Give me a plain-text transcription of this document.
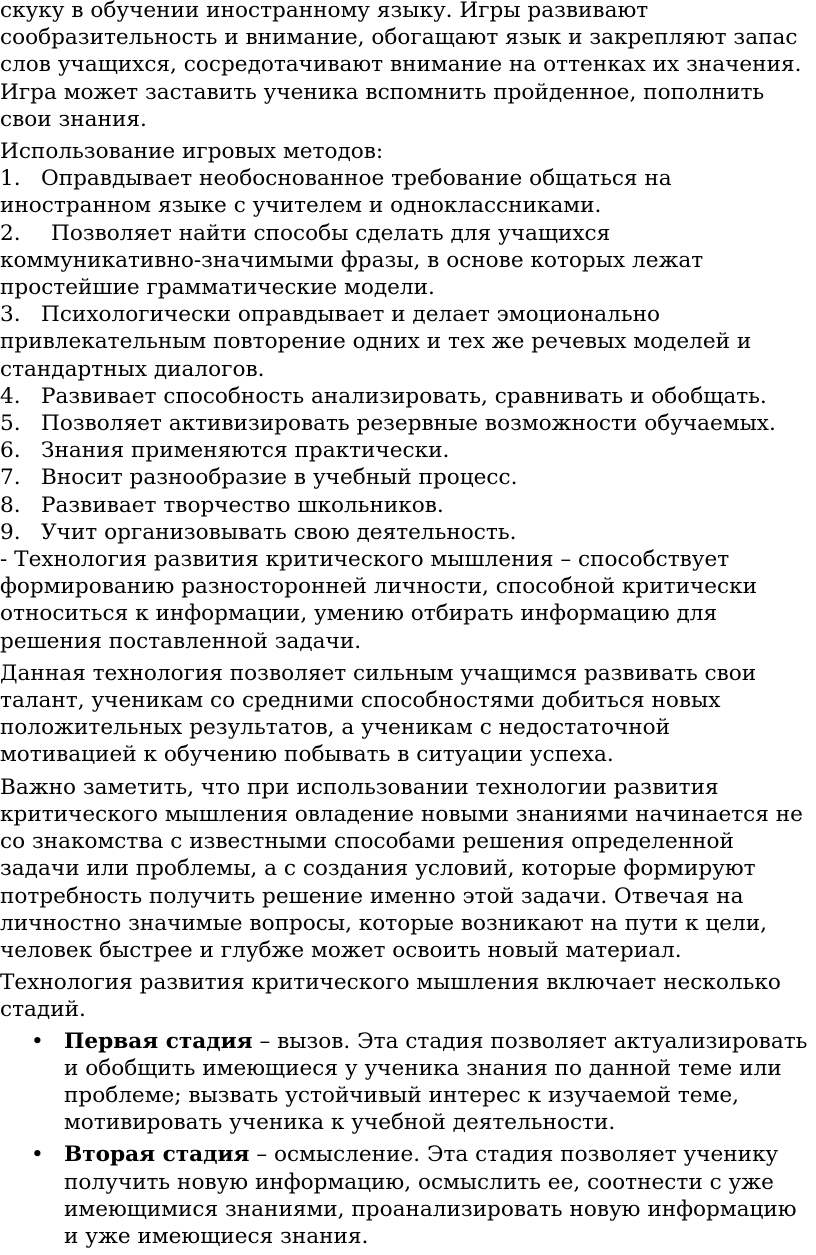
скуку в обучении иностранному языку. Игры развивают сообразительность и внимание, обогащают язык и закрепляют запас слов учащихся, сосредотачивают внимание на оттенках их значения. Игра может заставить ученика вспомнить пройденное, пополнить свои знания.

Использование игровых методов:

1. Оправдывает необоснованное требование общаться на иностранном языке с учителем и одноклассниками.

2. Позволяет найти способы сделать для учащихся коммуникативно-значимыми фразы, в основе которых лежат простейшие грамматические модели.

3. Психологически оправдывает и делает эмоционально привлекательным повторение одних и тех же речевых моделей и стандартных диалогов.

4. Развивает способность анализировать, сравнивать и обобщать.

5. Позволяет активизировать резервные возможности обучаемых.

6. Знания применяются практически.

7. Вносит разнообразие в учебный процесс.

8. Развивает творчество школьников.

9. Учит организовывать свою деятельность.

- Технология развития критического мышления – способствует формированию разносторонней личности, способной критически относиться к информации, умению отбирать информацию для решения поставленной задачи.

Данная технология позволяет сильным учащимся развивать свои талант, ученикам со средними способностями добиться новых положительных результатов, а ученикам с недостаточной мотивацией к обучению побывать в ситуации успеха.

Важно заметить, что при использовании технологии развития критического мышления овладение новыми знаниями начинается не со знакомства с известными способами решения определенной задачи или проблемы, а с создания условий, которые формируют потребность получить решение именно этой задачи. Отвечая на личностно значимые вопросы, которые возникают на пути к цели, человек быстрее и глубже может освоить новый материал.

Технология развития критического мышления включает несколько стадий.

• Первая стадия – вызов. Эта стадия позволяет актуализировать и обобщить имеющиеся у ученика знания по данной теме или проблеме; вызвать устойчивый интерес к изучаемой теме, мотивировать ученика к учебной деятельности.
• Вторая стадия – осмысление. Эта стадия позволяет ученику получить новую информацию, осмыслить ее, соотнести с уже имеющимися знаниями, проанализировать новую информацию и уже имеющиеся знания.
